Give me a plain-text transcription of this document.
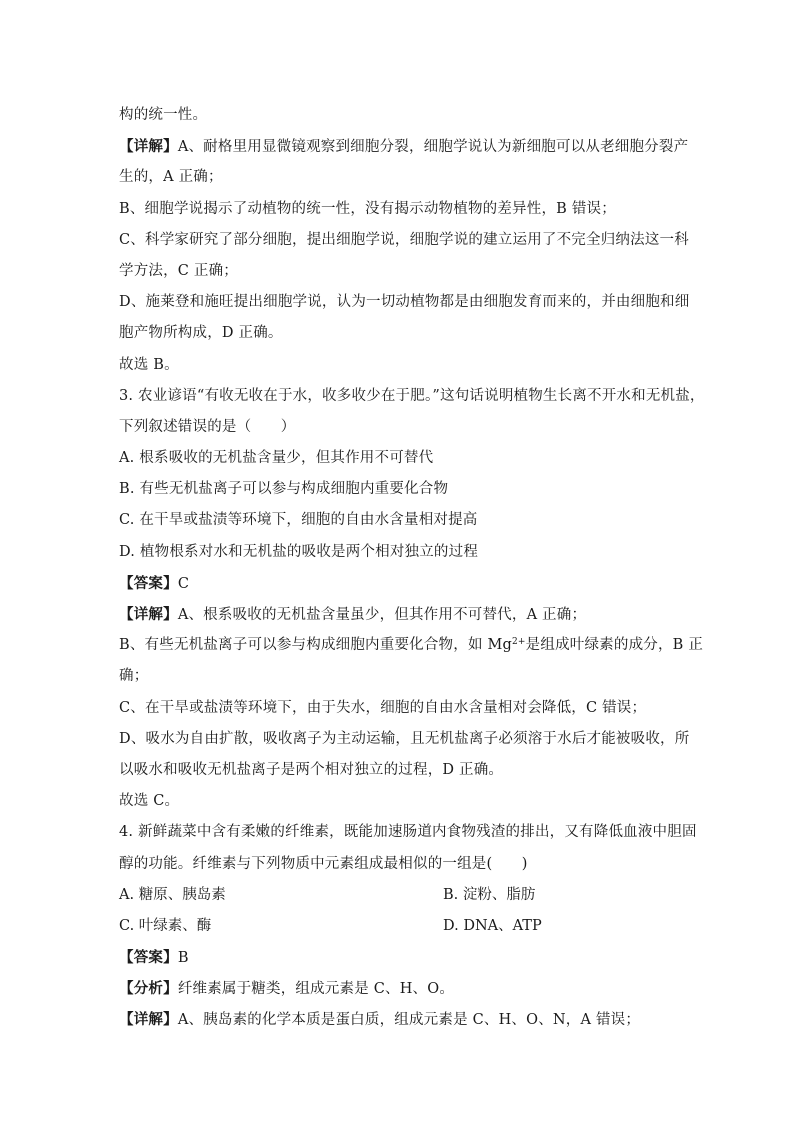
构的统一性。
【详解】A、耐格里用显微镜观察到细胞分裂，细胞学说认为新细胞可以从老细胞分裂产
生的，A 正确；
B、细胞学说揭示了动植物的统一性，没有揭示动物植物的差异性，B 错误；
C、科学家研究了部分细胞，提出细胞学说，细胞学说的建立运用了不完全归纳法这一科
学方法，C 正确；
D、施莱登和施旺提出细胞学说，认为一切动植物都是由细胞发育而来的，并由细胞和细
胞产物所构成，D 正确。
故选 B。
3. 农业谚语“有收无收在于水，收多收少在于肥。”这句话说明植物生长离不开水和无机盐，
下列叙述错误的是（　　）
A. 根系吸收的无机盐含量少，但其作用不可替代
B. 有些无机盐离子可以参与构成细胞内重要化合物
C. 在干旱或盐渍等环境下，细胞的自由水含量相对提高
D. 植物根系对水和无机盐的吸收是两个相对独立的过程
【答案】C
【详解】A、根系吸收的无机盐含量虽少，但其作用不可替代，A 正确；
B、有些无机盐离子可以参与构成细胞内重要化合物，如 $Mg^{2+}$是组成叶绿素的成分，B 正
确；
C、在干旱或盐渍等环境下，由于失水，细胞的自由水含量相对会降低，C 错误；
D、吸水为自由扩散，吸收离子为主动运输，且无机盐离子必须溶于水后才能被吸收，所
以吸水和吸收无机盐离子是两个相对独立的过程，D 正确。
故选 C。
4. 新鲜蔬菜中含有柔嫩的纤维素，既能加速肠道内食物残渣的排出，又有降低血液中胆固
醇的功能。纤维素与下列物质中元素组成最相似的一组是(　　)
A. 糖原、胰岛素	B. 淀粉、脂肪
C. 叶绿素、酶	D. DNA、ATP
【答案】B
【分析】纤维素属于糖类，组成元素是 C、H、O。
【详解】A、胰岛素的化学本质是蛋白质，组成元素是 C、H、O、N，A 错误；
